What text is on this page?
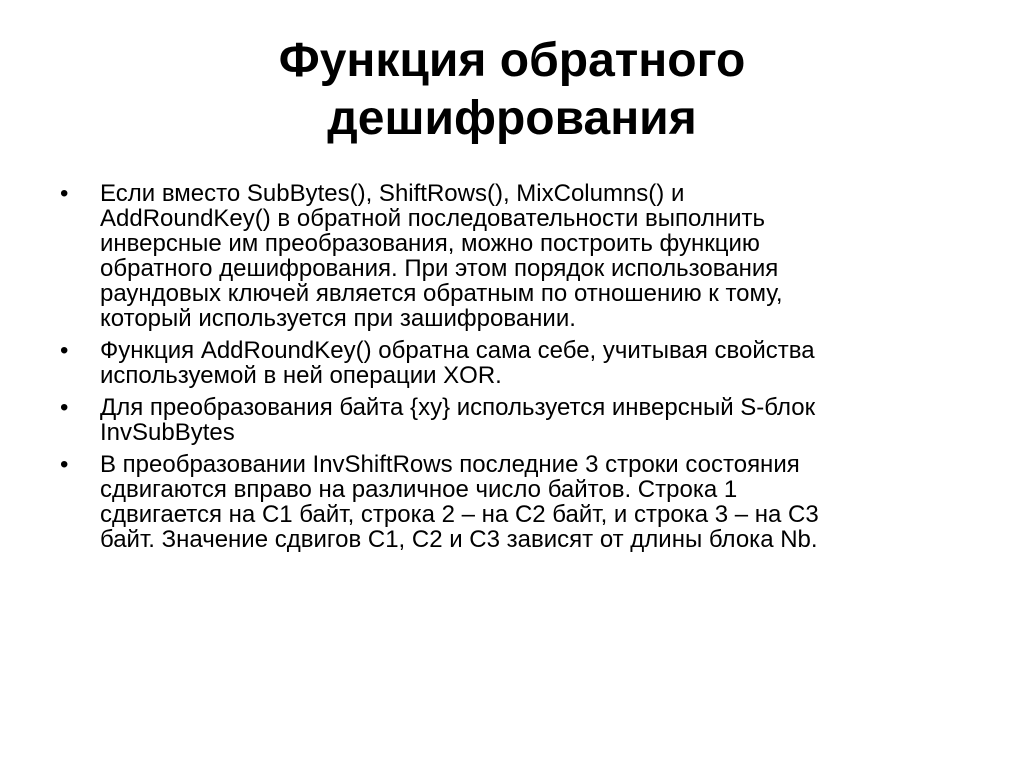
Функция обратного
дешифрования
• Если вместо SubBytes(), ShiftRows(), MixColumns() и
AddRoundKey() в обратной последовательности выполнить
инверсные им преобразования, можно построить функцию
обратного дешифрования. При этом порядок использования
раундовых ключей является обратным по отношению к тому,
который используется при зашифровании.
• Функция AddRoundKey() обратна сама себе, учитывая свойства
используемой в ней операции XOR.
• Для преобразования байта {xy} используется инверсный S-блок
InvSubBytes
• В преобразовании InvShiftRows последние 3 строки состояния
сдвигаются вправо на различное число байтов. Строка 1
сдвигается на С1 байт, строка 2 – на С2 байт, и строка 3 – на С3
байт. Значение сдвигов С1, С2 и С3 зависят от длины блока Nb.
